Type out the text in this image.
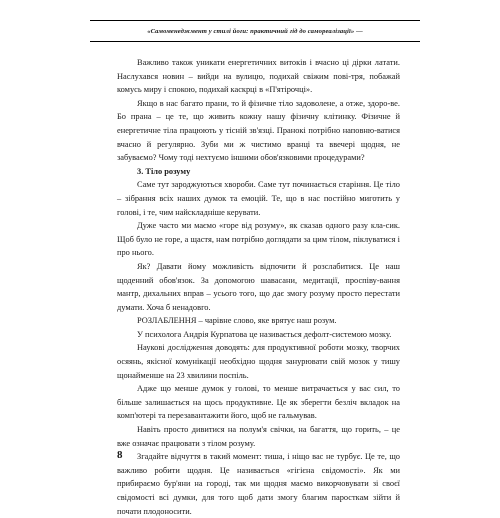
«Самоменеджмент у стилі йоги: практичний гід до самореалізації» —

Важливо також уникати енергетичних витоків і вчасно ці дірки латати. Наслухався новин – вийди на вулицю, подихай свіжим пові-тря, побажай комусь миру і спокою, подихай каскрці в «П'ятірочці».

Якщо в нас багато прани, то й фізичне тіло задоволене, а отже, здоро-ве. Бо прана – це те, що живить кожну нашу фізичну клітинку. Фізичне й енергетичне тіла працюють у тісній зв'язці. Пранокі потрібно наповню-ватися вчасно й регулярно. Зуби ми ж чистимо вранці та ввечері щодня, не забуваємо? Чому тоді нехтуємо іншими обов'язковими процедурами?

3. Тіло розуму

Саме тут зароджуються хвороби. Саме тут починається старіння. Це тіло – зібрання всіх наших думок та емоцій. Те, що в нас постійно миготить у голові, і те, чим найскладніше керувати.

Дуже часто ми маємо «горе від розуму», як сказав одного разу кла-сик. Щоб було не горе, а щастя, нам потрібно доглядати за цим тілом, піклуватися і про нього.

Як? Давати йому можливість відпочити й розслабитися. Це наш щоденний обов'язок. За допомогою шавасани, медитації, проспіву-вання мантр, дихальних вправ – усього того, що дає змогу розуму просто перестати думати. Хоча б ненадовго.

РОЗЛАБЛЕННЯ – чарівне слово, яке врятує наш розум.

У психолога Андрія Курпатова це називається дефолт-системою мозку.

Наукові дослідження доводять: для продуктивної роботи мозку, творчих осяянь, якісної комунікації необхідно щодня занурювати свій мозок у тишу щонайменше на 23 хвилини поспіль.

Адже що менше думок у голові, то менше витрачається у вас сил, то більше залишається на щось продуктивне. Це як зберегти безліч вкладок на комп'ютері та перезавантажити його, щоб не гальмував.

Навіть просто дивитися на полум'я свічки, на багаття, що горить, – це вже означає працювати з тілом розуму.

Згадайте відчуття в такий момент: тиша, і ніщо вас не турбує. Це те, що важливо робити щодня. Це називається «гігієна свідомості». Як ми прибираємо бур'яни на городі, так ми щодня маємо викорчовувати зі своєї свідомості всі думки, для того щоб дати змогу благим паросткам зійти й почати плодоносити.

8
